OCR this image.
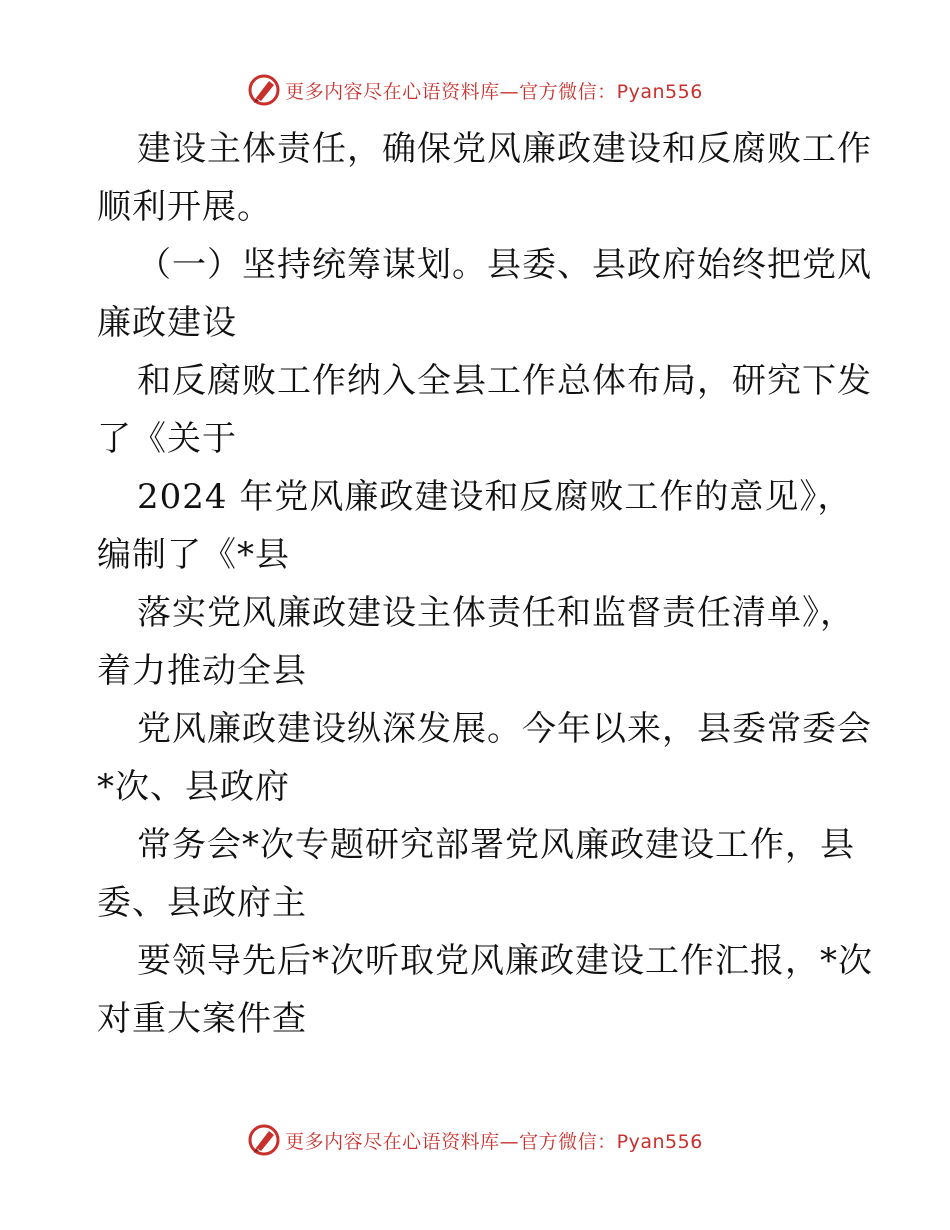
更多内容尽在心语资料库—官方微信：Pyan556
建设主体责任，确保党风廉政建设和反腐败工作
顺利开展。
（一）坚持统筹谋划。县委、县政府始终把党风
廉政建设
和反腐败工作纳入全县工作总体布局，研究下发
了《关于
2024 年党风廉政建设和反腐败工作的意见》，
编制了《*县
落实党风廉政建设主体责任和监督责任清单》，
着力推动全县
党风廉政建设纵深发展。今年以来，县委常委会
*次、县政府
常务会*次专题研究部署党风廉政建设工作，县
委、县政府主
要领导先后*次听取党风廉政建设工作汇报，*次
对重大案件查
更多内容尽在心语资料库—官方微信：Pyan556
